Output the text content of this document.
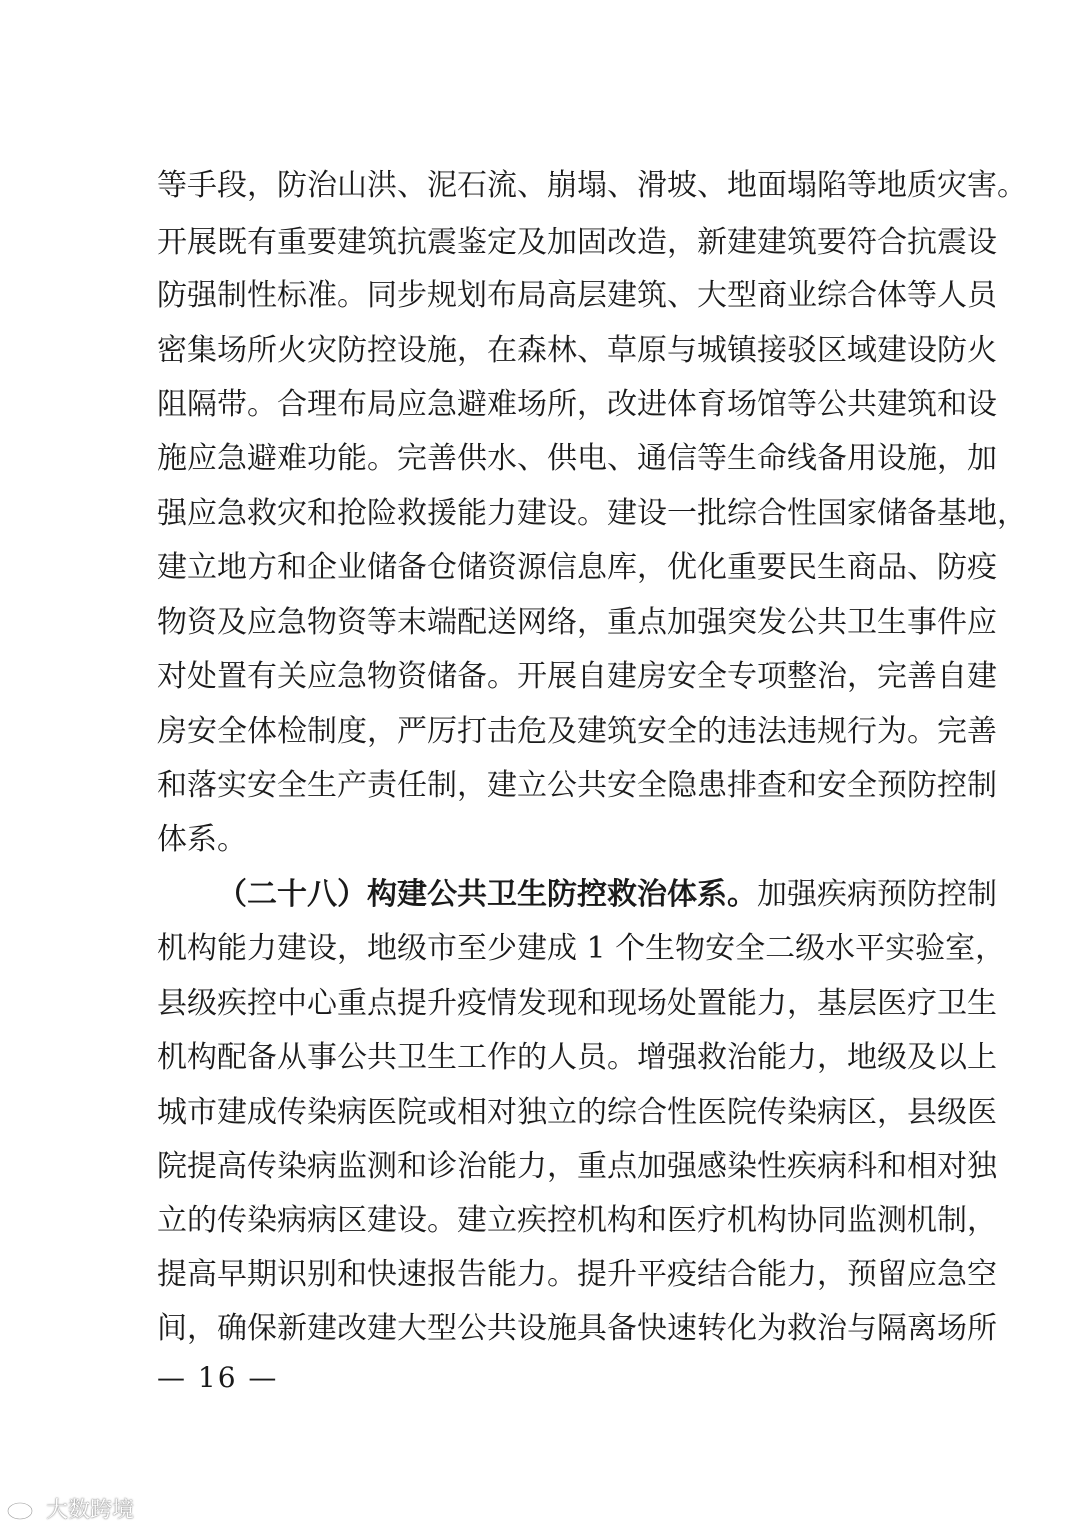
等手段，防治山洪、泥石流、崩塌、滑坡、地面塌陷等地质灾害。
开展既有重要建筑抗震鉴定及加固改造，新建建筑要符合抗震设
防强制性标准。同步规划布局高层建筑、大型商业综合体等人员
密集场所火灾防控设施，在森林、草原与城镇接驳区域建设防火
阻隔带。合理布局应急避难场所，改进体育场馆等公共建筑和设
施应急避难功能。完善供水、供电、通信等生命线备用设施，加
强应急救灾和抢险救援能力建设。建设一批综合性国家储备基地，
建立地方和企业储备仓储资源信息库，优化重要民生商品、防疫
物资及应急物资等末端配送网络，重点加强突发公共卫生事件应
对处置有关应急物资储备。开展自建房安全专项整治，完善自建
房安全体检制度，严厉打击危及建筑安全的违法违规行为。完善
和落实安全生产责任制，建立公共安全隐患排查和安全预防控制
体系。
（二十八）构建公共卫生防控救治体系。加强疾病预防控制
机构能力建设，地级市至少建成 1 个生物安全二级水平实验室，
县级疾控中心重点提升疫情发现和现场处置能力，基层医疗卫生
机构配备从事公共卫生工作的人员。增强救治能力，地级及以上
城市建成传染病医院或相对独立的综合性医院传染病区，县级医
院提高传染病监测和诊治能力，重点加强感染性疾病科和相对独
立的传染病病区建设。建立疾控机构和医疗机构协同监测机制，
提高早期识别和快速报告能力。提升平疫结合能力，预留应急空
间，确保新建改建大型公共设施具备快速转化为救治与隔离场所
— 16 —
大数跨境
